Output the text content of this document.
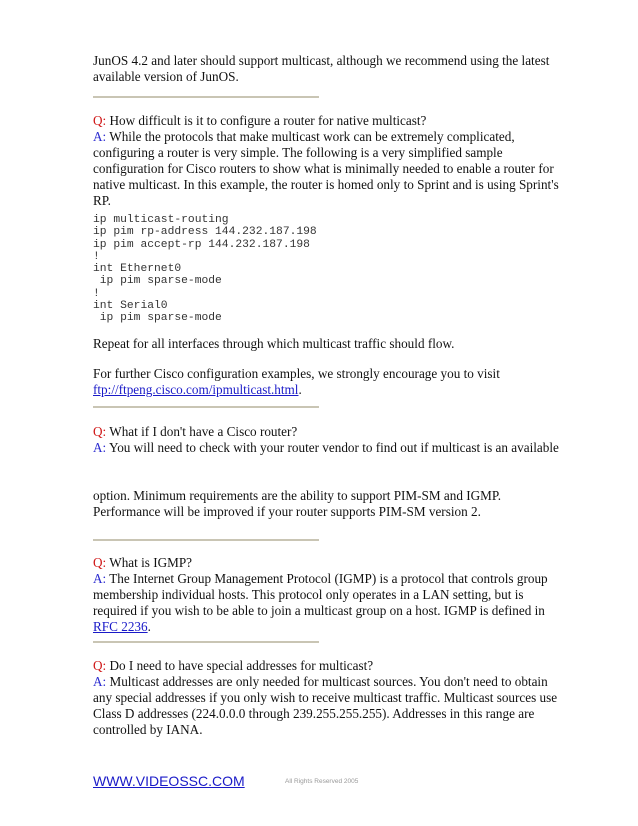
JunOS 4.2 and later should support multicast, although we recommend using the latest

available version of JunOS.

Q: How difficult is it to configure a router for native multicast?

A: While the protocols that make multicast work can be extremely complicated,

configuring a router is very simple. The following is a very simplified sample

configuration for Cisco routers to show what is minimally needed to enable a router for

native multicast. In this example, the router is homed only to Sprint and is using Sprint's

RP.

ip multicast-routing
ip pim rp-address 144.232.187.198
ip pim accept-rp 144.232.187.198
!
int Ethernet0
ip pim sparse-mode
!
int Serial0
ip pim sparse-mode

Repeat for all interfaces through which multicast traffic should flow.

For further Cisco configuration examples, we strongly encourage you to visit

ftp://ftpeng.cisco.com/ipmulticast.html.

Q: What if I don't have a Cisco router?

A: You will need to check with your router vendor to find out if multicast is an available

option. Minimum requirements are the ability to support PIM-SM and IGMP.

Performance will be improved if your router supports PIM-SM version 2.

Q: What is IGMP?

A: The Internet Group Management Protocol (IGMP) is a protocol that controls group

membership individual hosts. This protocol only operates in a LAN setting, but is

required if you wish to be able to join a multicast group on a host. IGMP is defined in

RFC 2236.

Q: Do I need to have special addresses for multicast?

A: Multicast addresses are only needed for multicast sources. You don't need to obtain

any special addresses if you only wish to receive multicast traffic. Multicast sources use

Class D addresses (224.0.0.0 through 239.255.255.255). Addresses in this range are

controlled by IANA.

WWW.VIDEOSSC.COM	All Rights Reserved 2005
